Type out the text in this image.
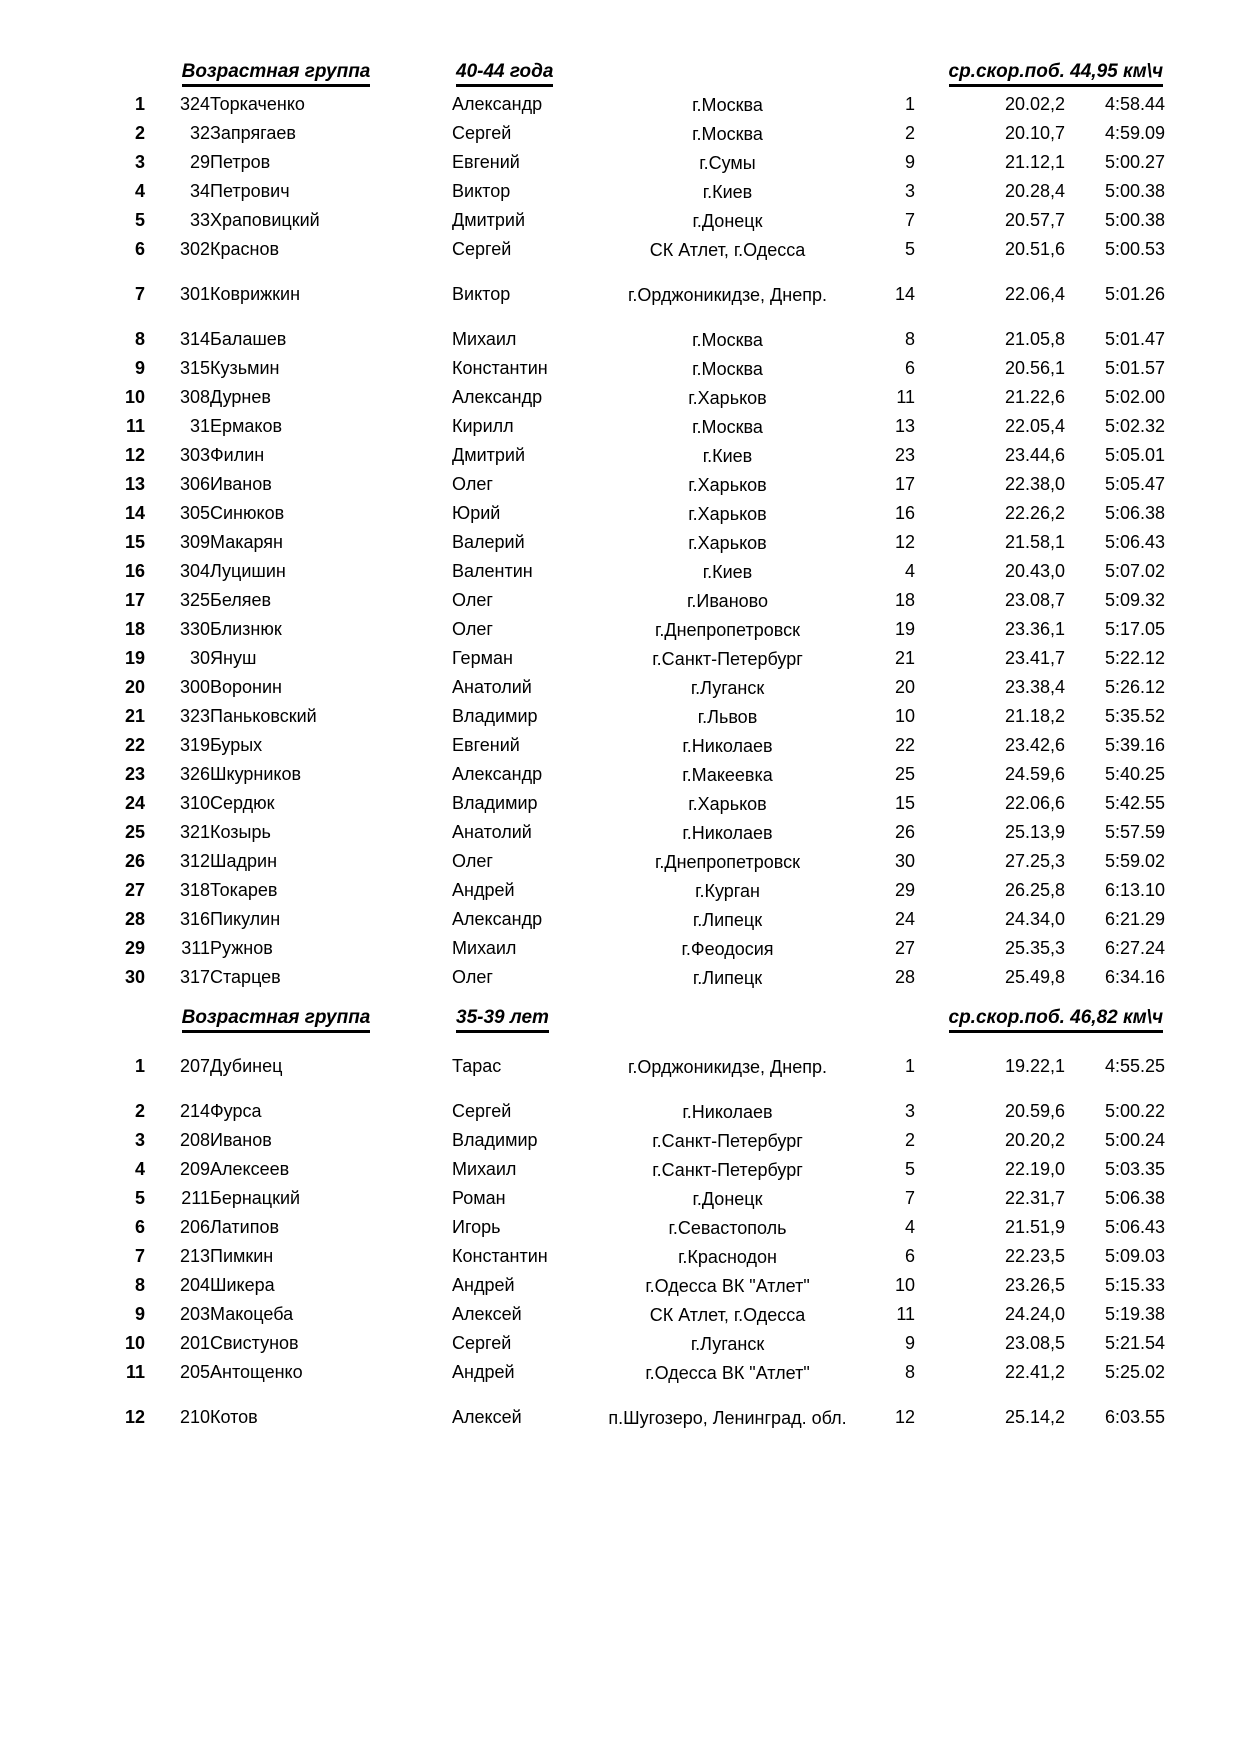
Возрастная группа			40-44 года		ср.скор.поб. 44,95 км\ч		
1	324	Торкаченко	Александр	г.Москва	1	20.02,2	4:58.44
2	32	Запрягаев	Сергей	г.Москва	2	20.10,7	4:59.09
3	29	Петров	Евгений	г.Сумы	9	21.12,1	5:00.27
4	34	Петрович	Виктор	г.Киев	3	20.28,4	5:00.38
5	33	Храповицкий	Дмитрий	г.Донецк	7	20.57,7	5:00.38
6	302	Краснов	Сергей	СК Атлет, г.Одесса	5	20.51,6	5:00.53
7	301	Коврижкин	Виктор	г.Орджоникидзе, Днепр.	14	22.06,4	5:01.26
8	314	Балашев	Михаил	г.Москва	8	21.05,8	5:01.47
9	315	Кузьмин	Константин	г.Москва	6	20.56,1	5:01.57
10	308	Дурнев	Александр	г.Харьков	11	21.22,6	5:02.00
11	31	Ермаков	Кирилл	г.Москва	13	22.05,4	5:02.32
12	303	Филин	Дмитрий	г.Киев	23	23.44,6	5:05.01
13	306	Иванов	Олег	г.Харьков	17	22.38,0	5:05.47
14	305	Синюков	Юрий	г.Харьков	16	22.26,2	5:06.38
15	309	Макарян	Валерий	г.Харьков	12	21.58,1	5:06.43
16	304	Луцишин	Валентин	г.Киев	4	20.43,0	5:07.02
17	325	Беляев	Олег	г.Иваново	18	23.08,7	5:09.32
18	330	Близнюк	Олег	г.Днепропетровск	19	23.36,1	5:17.05
19	30	Януш	Герман	г.Санкт-Петербург	21	23.41,7	5:22.12
20	300	Воронин	Анатолий	г.Луганск	20	23.38,4	5:26.12
21	323	Паньковский	Владимир	г.Львов	10	21.18,2	5:35.52
22	319	Бурых	Евгений	г.Николаев	22	23.42,6	5:39.16
23	326	Шкурников	Александр	г.Макеевка	25	24.59,6	5:40.25
24	310	Сердюк	Владимир	г.Харьков	15	22.06,6	5:42.55
25	321	Козырь	Анатолий	г.Николаев	26	25.13,9	5:57.59
26	312	Шадрин	Олег	г.Днепропетровск	30	27.25,3	5:59.02
27	318	Токарев	Андрей	г.Курган	29	26.25,8	6:13.10
28	316	Пикулин	Александр	г.Липецк	24	24.34,0	6:21.29
29	311	Ружнов	Михаил	г.Феодосия	27	25.35,3	6:27.24
30	317	Старцев	Олег	г.Липецк	28	25.49,8	6:34.16
Возрастная группа			35-39 лет		ср.скор.поб. 46,82 км\ч		
1	207	Дубинец	Тарас	г.Орджоникидзе, Днепр.	1	19.22,1	4:55.25
2	214	Фурса	Сергей	г.Николаев	3	20.59,6	5:00.22
3	208	Иванов	Владимир	г.Санкт-Петербург	2	20.20,2	5:00.24
4	209	Алексеев	Михаил	г.Санкт-Петербург	5	22.19,0	5:03.35
5	211	Бернацкий	Роман	г.Донецк	7	22.31,7	5:06.38
6	206	Латипов	Игорь	г.Севастополь	4	21.51,9	5:06.43
7	213	Пимкин	Константин	г.Краснодон	6	22.23,5	5:09.03
8	204	Шикера	Андрей	г.Одесса ВК "Атлет"	10	23.26,5	5:15.33
9	203	Макоцеба	Алексей	СК Атлет, г.Одесса	11	24.24,0	5:19.38
10	201	Свистунов	Сергей	г.Луганск	9	23.08,5	5:21.54
11	205	Антощенко	Андрей	г.Одесса ВК "Атлет"	8	22.41,2	5:25.02
12	210	Котов	Алексей	п.Шугозеро, Ленинград. обл.	12	25.14,2	6:03.55
